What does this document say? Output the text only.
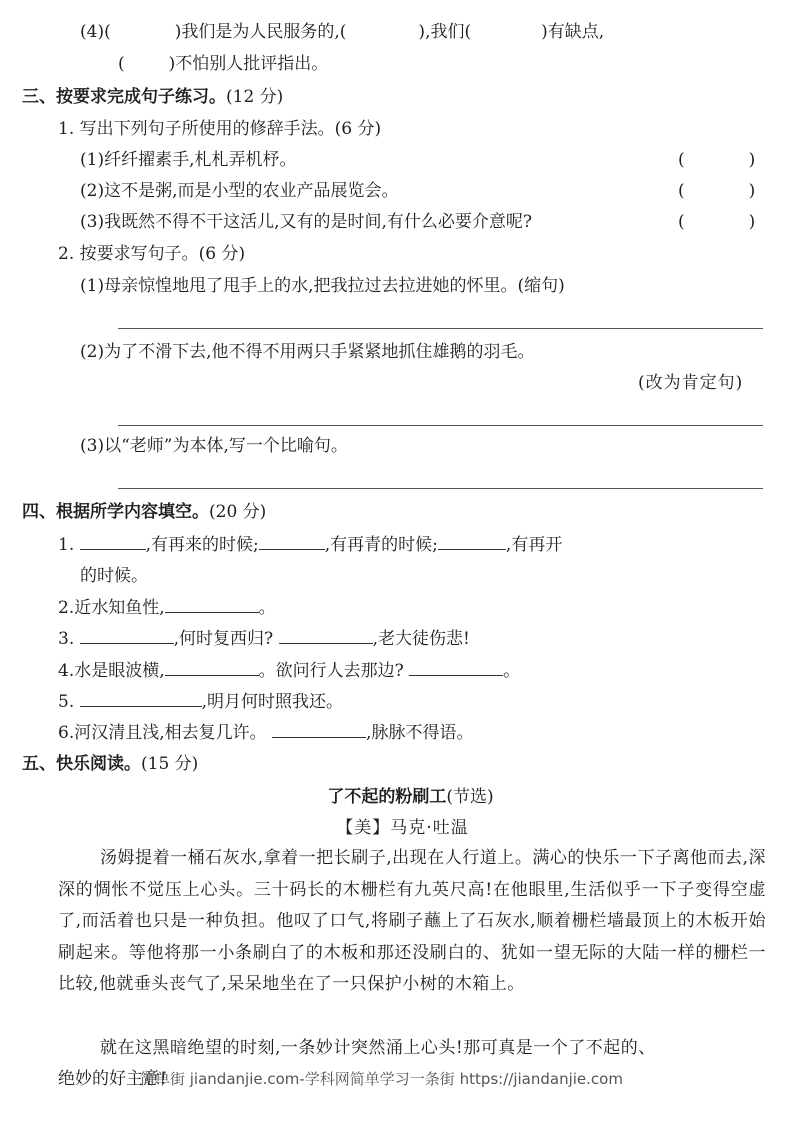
(4)(	)我们是为人民服务的,(	),我们(	)有缺点,
(	)不怕别人批评指出。
三、按要求完成句子练习。(12 分)
1. 写出下列句子所使用的修辞手法。(6 分)
(1)纤纤擢素手,札札弄机杼。	(	)
(2)这不是粥,而是小型的农业产品展览会。	(	)
(3)我既然不得不干这活儿,又有的是时间,有什么必要介意呢?	(	)
2. 按要求写句子。(6 分)
(1)母亲惊惶地甩了甩手上的水,把我拉过去拉进她的怀里。(缩句)
(2)为了不滑下去,他不得不用两只手紧紧地抓住雄鹅的羽毛。
(改为肯定句)
(3)以“老师”为本体,写一个比喻句。
四、根据所学内容填空。(20 分)
1.	,有再来的时候;	,有再青的时候;	,有再开
的时候。
2.近水知鱼性,	。
3.	,何时复西归?	,老大徒伤悲!
4.水是眼波横,	。欲问行人去那边?	。
5.	,明月何时照我还。
6.河汉清且浅,相去复几许。	,脉脉不得语。
五、快乐阅读。(15 分)
了不起的粉刷工(节选)
【美】马克·吐温
汤姆提着一桶石灰水,拿着一把长刷子,出现在人行道上。满心的快乐一下子离他而去,深深的惆怅不觉压上心头。三十码长的木栅栏有九英尺高!在他眼里,生活似乎一下子变得空虚了,而活着也只是一种负担。他叹了口气,将刷子蘸上了石灰水,顺着栅栏墙最顶上的木板开始刷起来。等他将那一小条刷白了的木板和那还没刷白的、犹如一望无际的大陆一样的栅栏一比较,他就垂头丧气了,呆呆地坐在了一只保护小树的木箱上。
就在这黑暗绝望的时刻,一条妙计突然涌上心头!那可真是一个了不起的、
绝妙的好主意!
简单街 jiandanjie.com-学科网简单学习一条街 https://jiandanjie.com
